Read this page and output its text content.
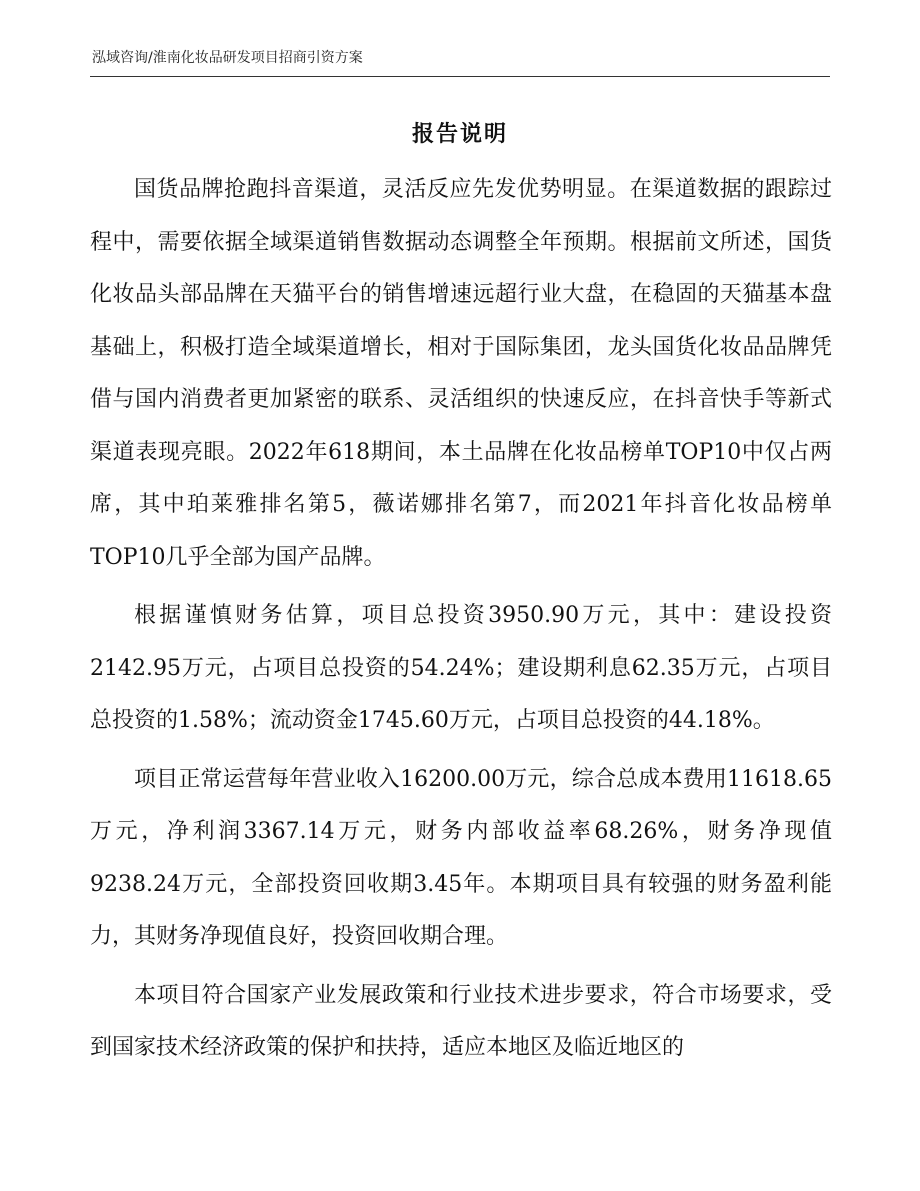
泓域咨询/淮南化妆品研发项目招商引资方案
报告说明

国货品牌抢跑抖音渠道，灵活反应先发优势明显。在渠道数据的跟踪过程中，需要依据全域渠道销售数据动态调整全年预期。根据前文所述，国货化妆品头部品牌在天猫平台的销售增速远超行业大盘，在稳固的天猫基本盘基础上，积极打造全域渠道增长，相对于国际集团，龙头国货化妆品品牌凭借与国内消费者更加紧密的联系、灵活组织的快速反应，在抖音快手等新式渠道表现亮眼。2022年618期间，本土品牌在化妆品榜单TOP10中仅占两席，其中珀莱雅排名第5，薇诺娜排名第7，而2021年抖音化妆品榜单TOP10几乎全部为国产品牌。

根据谨慎财务估算，项目总投资3950.90万元，其中：建设投资2142.95万元，占项目总投资的54.24%；建设期利息62.35万元，占项目总投资的1.58%；流动资金1745.60万元，占项目总投资的44.18%。

项目正常运营每年营业收入16200.00万元，综合总成本费用11618.65万元，净利润3367.14万元，财务内部收益率68.26%，财务净现值9238.24万元，全部投资回收期3.45年。本期项目具有较强的财务盈利能力，其财务净现值良好，投资回收期合理。

本项目符合国家产业发展政策和行业技术进步要求，符合市场要求，受到国家技术经济政策的保护和扶持，适应本地区及临近地区的
